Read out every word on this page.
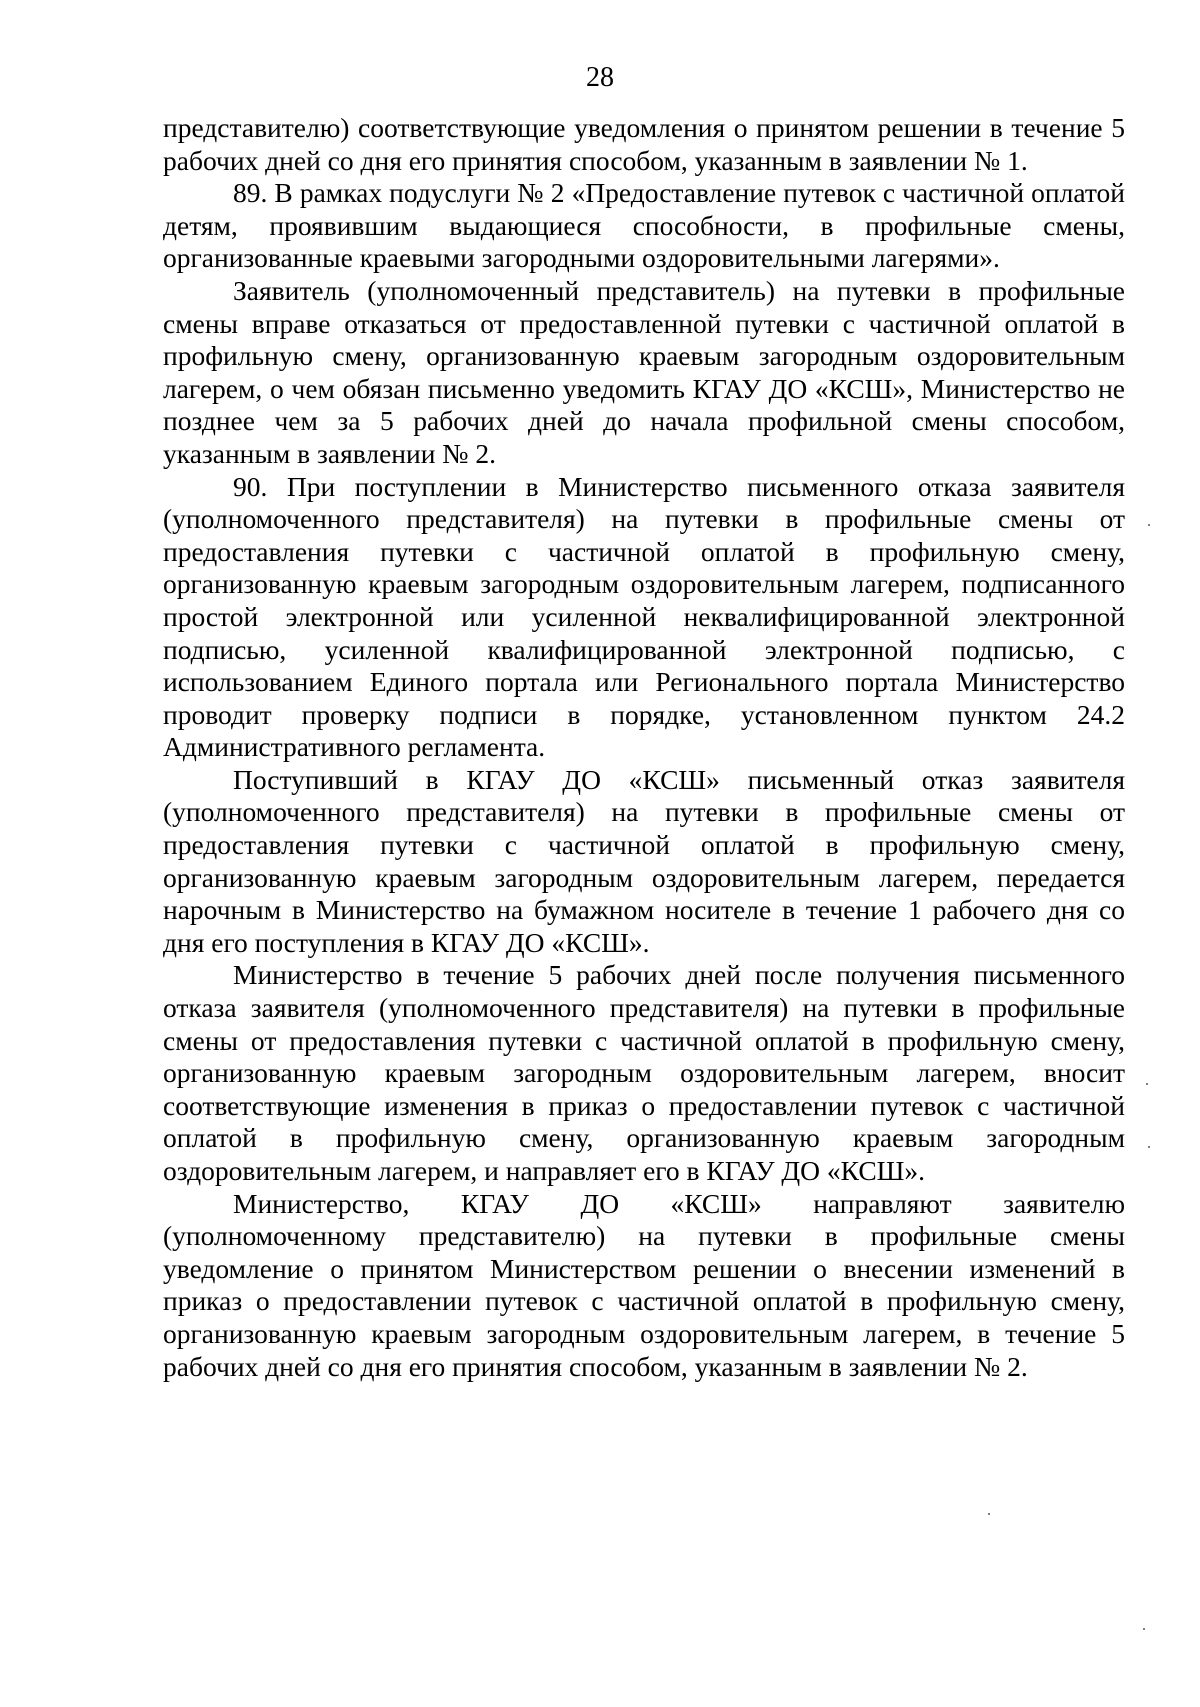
28

представителю) соответствующие уведомления о принятом решении в течение 5 рабочих дней со дня его принятия способом, указанным в заявлении № 1.

89. В рамках подуслуги № 2 «Предоставление путевок с частичной оплатой детям, проявившим выдающиеся способности, в профильные смены, организованные краевыми загородными оздоровительными лагерями».

Заявитель (уполномоченный представитель) на путевки в профильные смены вправе отказаться от предоставленной путевки с частичной оплатой в профильную смену, организованную краевым загородным оздоровительным лагерем, о чем обязан письменно уведомить КГАУ ДО «КСШ», Министерство не позднее чем за 5 рабочих дней до начала профильной смены способом, указанным в заявлении № 2.

90. При поступлении в Министерство письменного отказа заявителя (уполномоченного представителя) на путевки в профильные смены от предоставления путевки с частичной оплатой в профильную смену, организованную краевым загородным оздоровительным лагерем, подписанного простой электронной или усиленной неквалифицированной электронной подписью, усиленной квалифицированной электронной подписью, с использованием Единого портала или Регионального портала Министерство проводит проверку подписи в порядке, установленном пунктом 24.2 Административного регламента.

Поступивший в КГАУ ДО «КСШ» письменный отказ заявителя (уполномоченного представителя) на путевки в профильные смены от предоставления путевки с частичной оплатой в профильную смену, организованную краевым загородным оздоровительным лагерем, передается нарочным в Министерство на бумажном носителе в течение 1 рабочего дня со дня его поступления в КГАУ ДО «КСШ».

Министерство в течение 5 рабочих дней после получения письменного отказа заявителя (уполномоченного представителя) на путевки в профильные смены от предоставления путевки с частичной оплатой в профильную смену, организованную краевым загородным оздоровительным лагерем, вносит соответствующие изменения в приказ о предоставлении путевок с частичной оплатой в профильную смену, организованную краевым загородным оздоровительным лагерем, и направляет его в КГАУ ДО «КСШ».

Министерство, КГАУ ДО «КСШ» направляют заявителю (уполномоченному представителю) на путевки в профильные смены уведомление о принятом Министерством решении о внесении изменений в приказ о предоставлении путевок с частичной оплатой в профильную смену, организованную краевым загородным оздоровительным лагерем, в течение 5 рабочих дней со дня его принятия способом, указанным в заявлении № 2.
